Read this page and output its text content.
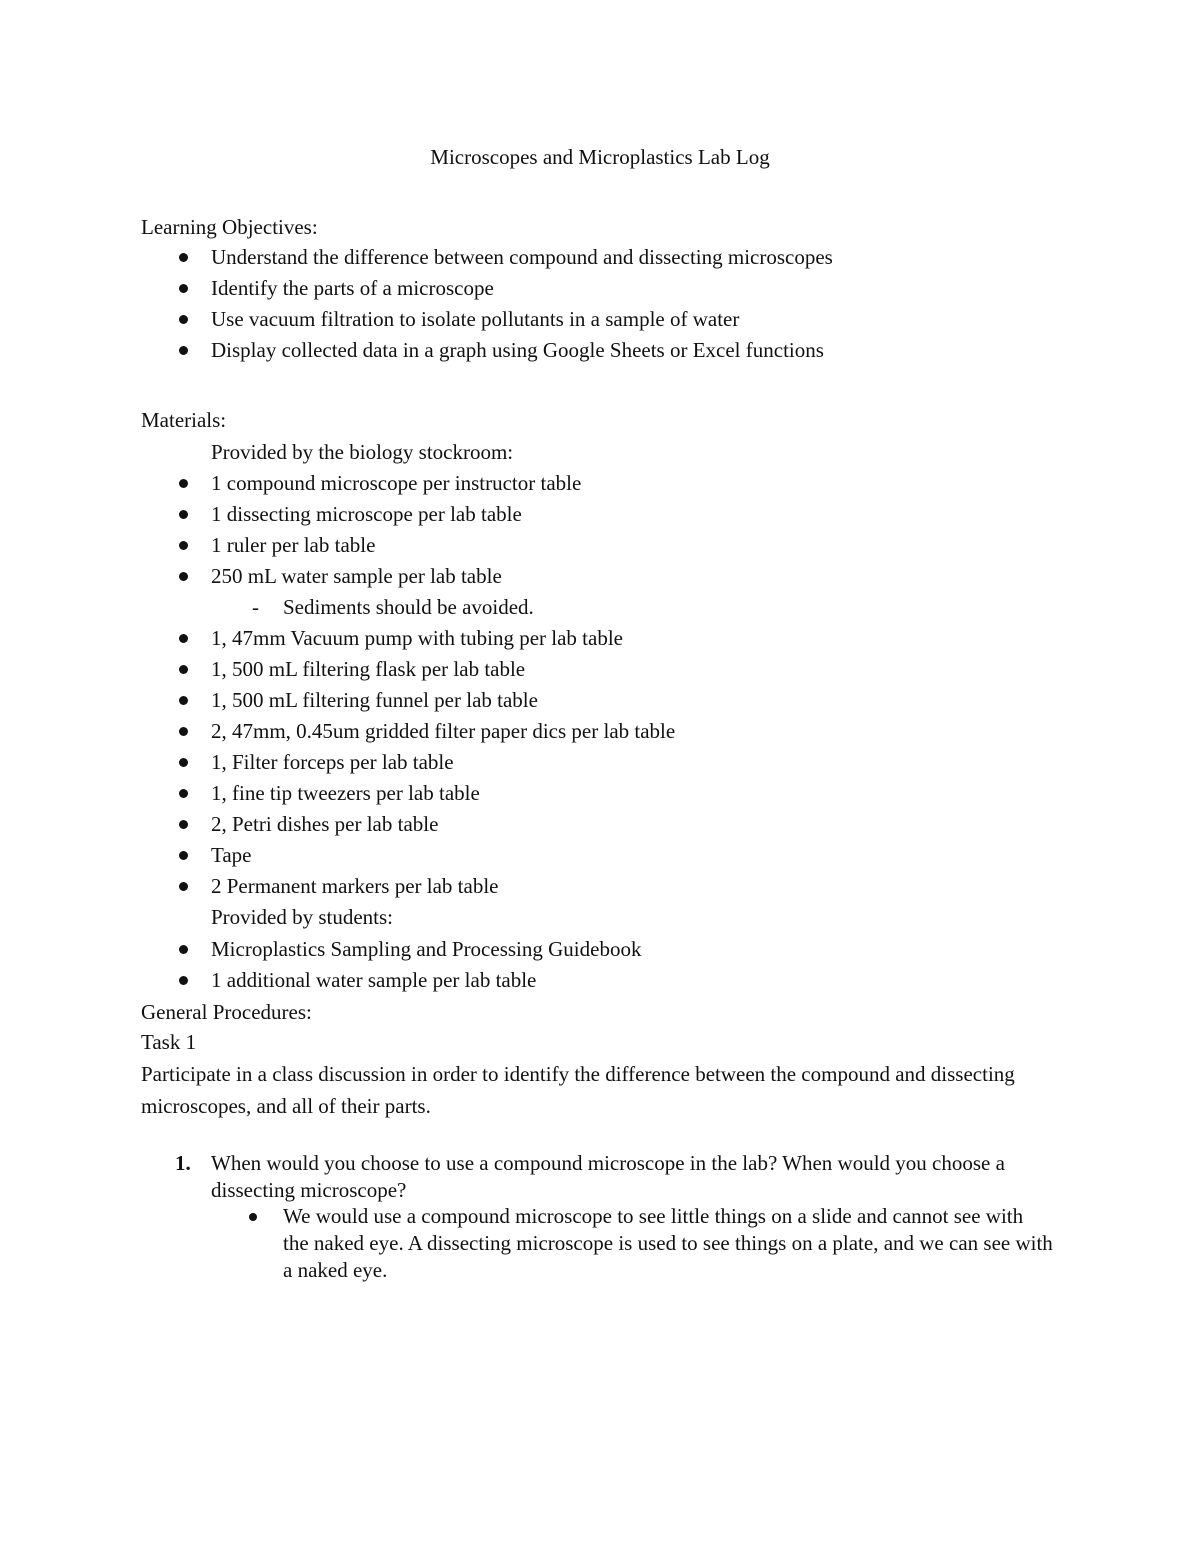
Microscopes and Microplastics Lab Log
Learning Objectives:
Understand the difference between compound and dissecting microscopes
Identify the parts of a microscope
Use vacuum filtration to isolate pollutants in a sample of water
Display collected data in a graph using Google Sheets or Excel functions
Materials:
Provided by the biology stockroom:
1 compound microscope per instructor table
1 dissecting microscope per lab table
1 ruler per lab table
250 mL water sample per lab table
- Sediments should be avoided.
1, 47mm Vacuum pump with tubing per lab table
1, 500 mL filtering flask per lab table
1, 500 mL filtering funnel per lab table
2, 47mm, 0.45um gridded filter paper dics per lab table
1, Filter forceps per lab table
1, fine tip tweezers per lab table
2, Petri dishes per lab table
Tape
2 Permanent markers per lab table
Provided by students:
Microplastics Sampling and Processing Guidebook
1 additional water sample per lab table
General Procedures:
Task 1
Participate in a class discussion in order to identify the difference between the compound and dissecting microscopes, and all of their parts.
1. When would you choose to use a compound microscope in the lab? When would you choose a dissecting microscope?
We would use a compound microscope to see little things on a slide and cannot see with the naked eye. A dissecting microscope is used to see things on a plate, and we can see with a naked eye.
